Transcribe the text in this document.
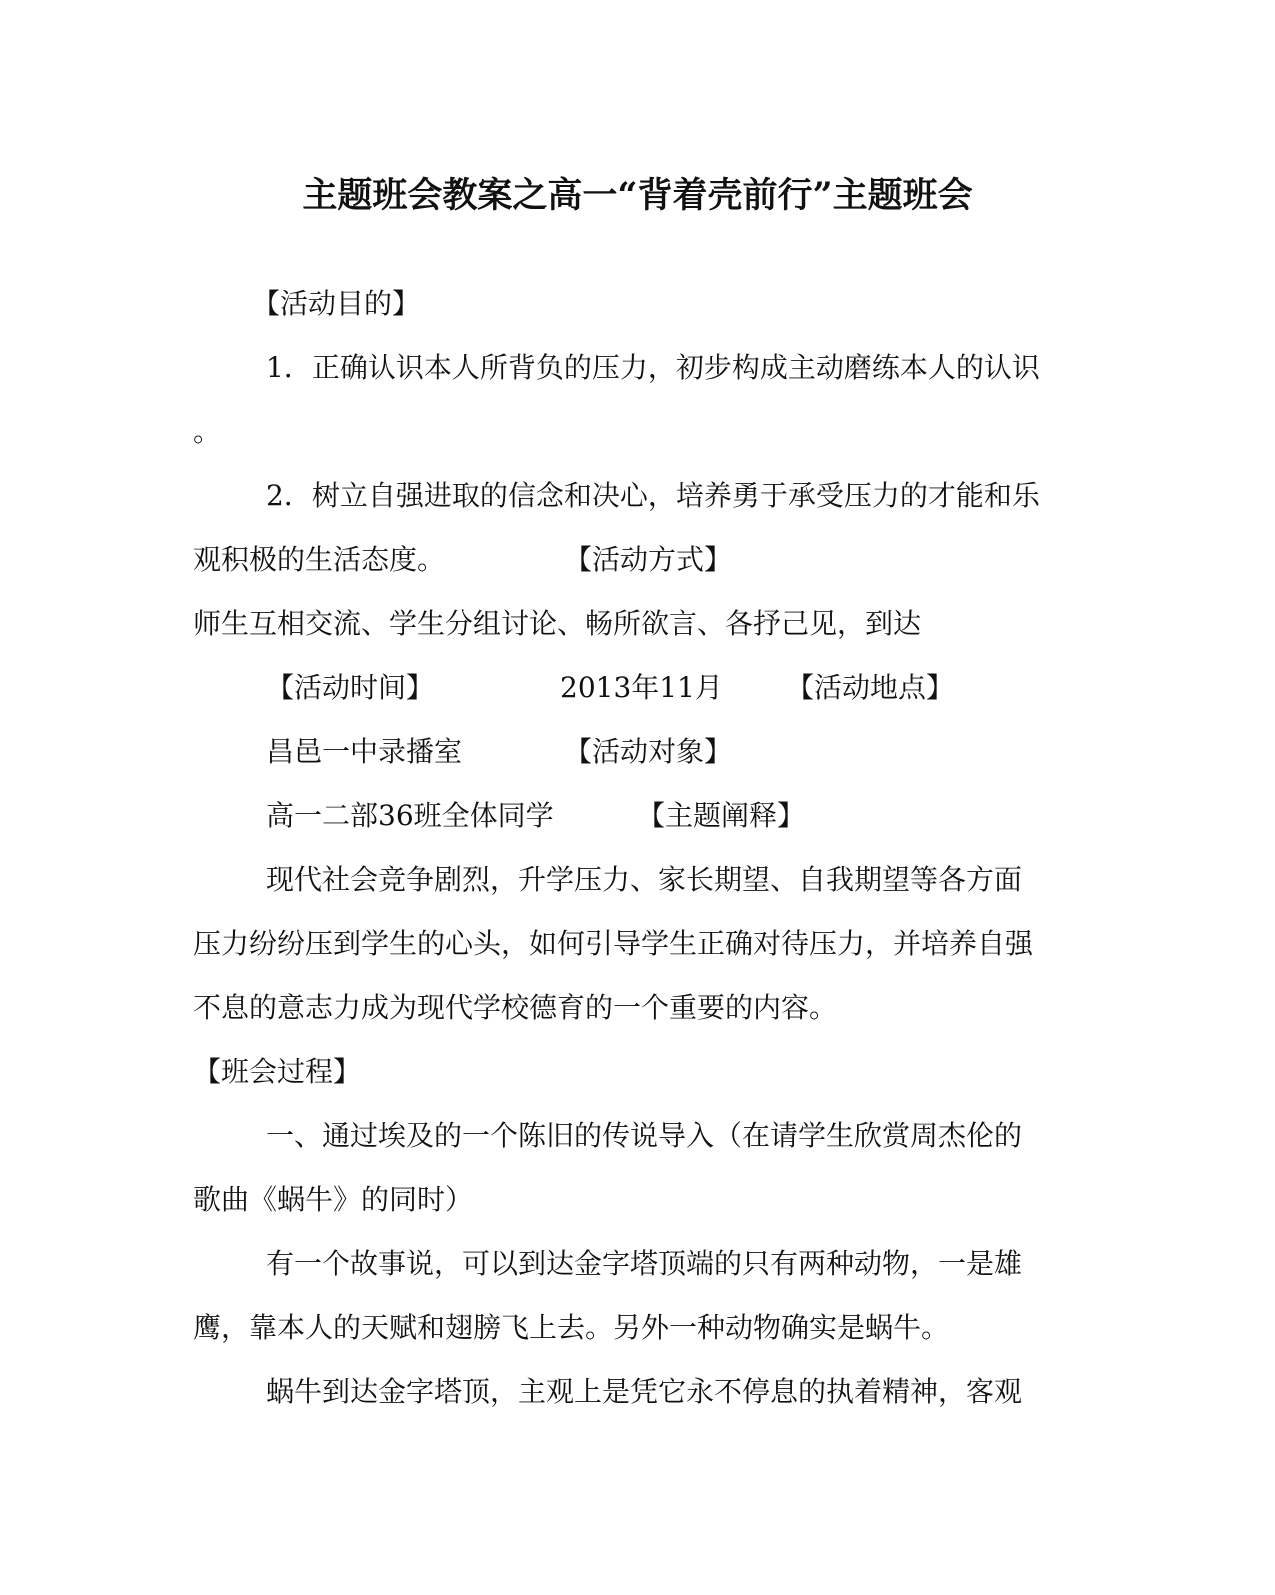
主题班会教案之高一“背着壳前行”主题班会
【活动目的】
1．正确认识本人所背负的压力，初步构成主动磨练本人的认识
。
2．树立自强进取的信念和决心，培养勇于承受压力的才能和乐
观积极的生活态度。	【活动方式】
师生互相交流、学生分组讨论、畅所欲言、各抒己见，到达
【活动时间】	2013年11月 【活动地点】
昌邑一中录播室	【活动对象】
高一二部36班全体同学	【主题阐释】
现代社会竞争剧烈，升学压力、家长期望、自我期望等各方面
压力纷纷压到学生的心头，如何引导学生正确对待压力，并培养自强
不息的意志力成为现代学校德育的一个重要的内容。
【班会过程】
一、通过埃及的一个陈旧的传说导入（在请学生欣赏周杰伦的
歌曲《蜗牛》的同时）
有一个故事说，可以到达金字塔顶端的只有两种动物，一是雄
鹰，靠本人的天赋和翅膀飞上去。另外一种动物确实是蜗牛。
蜗牛到达金字塔顶，主观上是凭它永不停息的执着精神，客观
